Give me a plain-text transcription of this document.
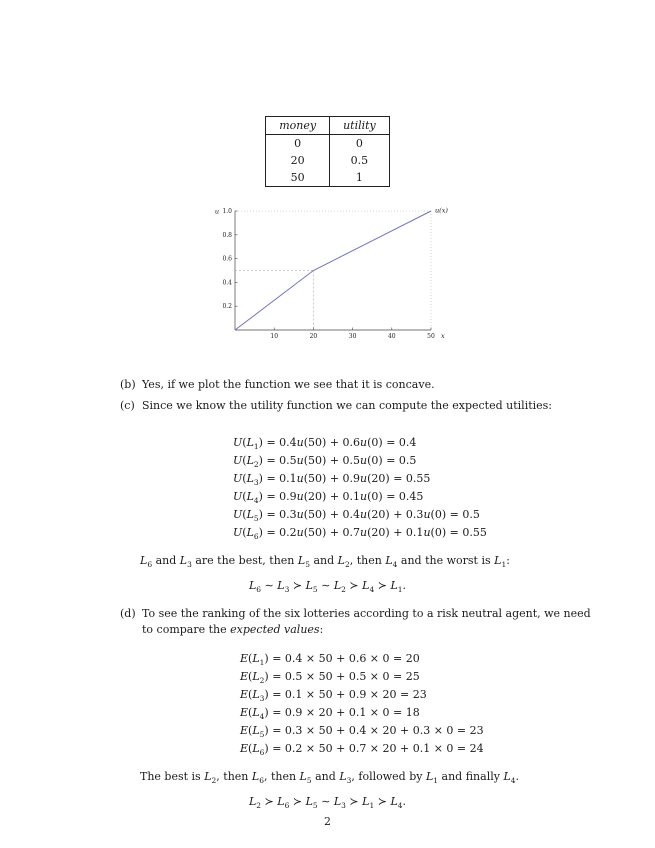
money	utility
0	0
20	0.5
50	1
0.2
0.4
0.6
0.8
1.0
10	20	30	40	50
u	u(x)
x
(b) Yes, if we plot the function we see that it is concave.
(c) Since we know the utility function we can compute the expected utilities:
$U(L_1) = 0.4u(50) + 0.6u(0) = 0.4$
$U(L_2) = 0.5u(50) + 0.5u(0) = 0.5$
$U(L_3) = 0.1u(50) + 0.9u(20) = 0.55$
$U(L_4) = 0.9u(20) + 0.1u(0) = 0.45$
$U(L_5) = 0.3u(50) + 0.4u(20) + 0.3u(0) = 0.5$
$U(L_6) = 0.2u(50) + 0.7u(20) + 0.1u(0) = 0.55$
$L_6$ and $L_3$ are the best, then $L_5$ and $L_2$, then $L_4$ and the worst is $L_1$:
$L_6$ ∼ $L_3$ ≻ $L_5$ ∼ $L_2$ ≻ $L_4$ ≻ $L_1$.
(d) To see the ranking of the six lotteries according to a risk neutral agent, we need
to compare the expected values:
$E(L_1) = 0.4 \times 50 + 0.6 \times 0 = 20$
$E(L_2) = 0.5 \times 50 + 0.5 \times 0 = 25$
$E(L_3) = 0.1 \times 50 + 0.9 \times 20 = 23$
$E(L_4) = 0.9 \times 20 + 0.1 \times 0 = 18$
$E(L_5) = 0.3 \times 50 + 0.4 \times 20 + 0.3 \times 0 = 23$
$E(L_6) = 0.2 \times 50 + 0.7 \times 20 + 0.1 \times 0 = 24$
The best is $L_2$, then $L_6$, then $L_5$ and $L_3$, followed by $L_1$ and finally $L_4$.
$L_2$ ≻ $L_6$ ≻ $L_5$ ∼ $L_3$ ≻ $L_1$ ≻ $L_4$.
2
